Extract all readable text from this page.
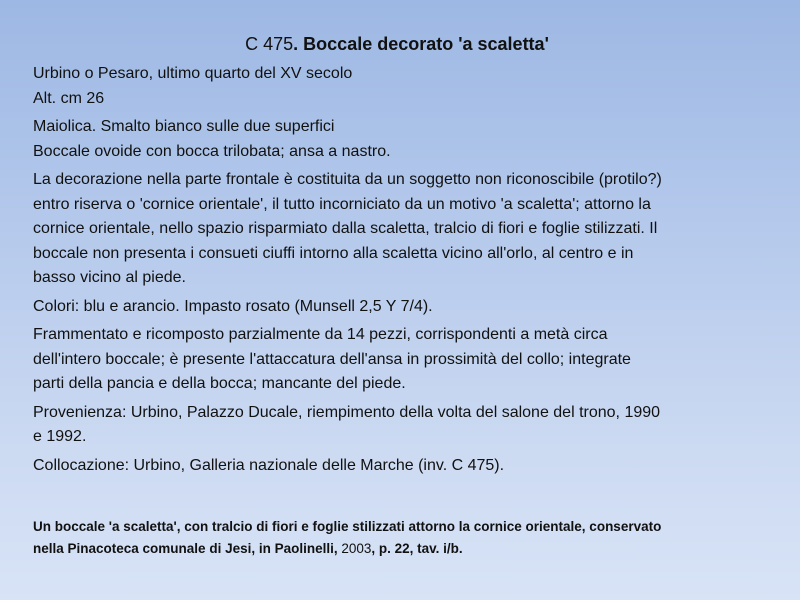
C 475. Boccale decorato 'a scaletta'

Urbino o Pesaro, ultimo quarto del XV secolo
Alt. cm 26

Maiolica. Smalto bianco sulle due superfici
Boccale ovoide con bocca trilobata; ansa a nastro.

La decorazione nella parte frontale è costituita da un soggetto non riconoscibile (protilo?)
entro riserva o 'cornice orientale', il tutto incorniciato da un motivo 'a scaletta'; attorno la
cornice orientale, nello spazio risparmiato dalla scaletta, tralcio di fiori e foglie stilizzati. Il
boccale non presenta i consueti ciuffi intorno alla scaletta vicino all'orlo, al centro e in
basso vicino al piede.

Colori: blu e arancio. Impasto rosato (Munsell 2,5 Y 7/4).

Frammentato e ricomposto parzialmente da 14 pezzi, corrispondenti a metà circa
dell'intero boccale; è presente l'attaccatura dell'ansa in prossimità del collo; integrate
parti della pancia e della bocca; mancante del piede.

Provenienza: Urbino, Palazzo Ducale, riempimento della volta del salone del trono, 1990
e 1992.

Collocazione: Urbino, Galleria nazionale delle Marche (inv. C 475).

Un boccale 'a scaletta', con tralcio di fiori e foglie stilizzati attorno la cornice orientale, conservato
nella Pinacoteca comunale di Jesi, in Paolinelli, 2003, p. 22, tav. i/b.
